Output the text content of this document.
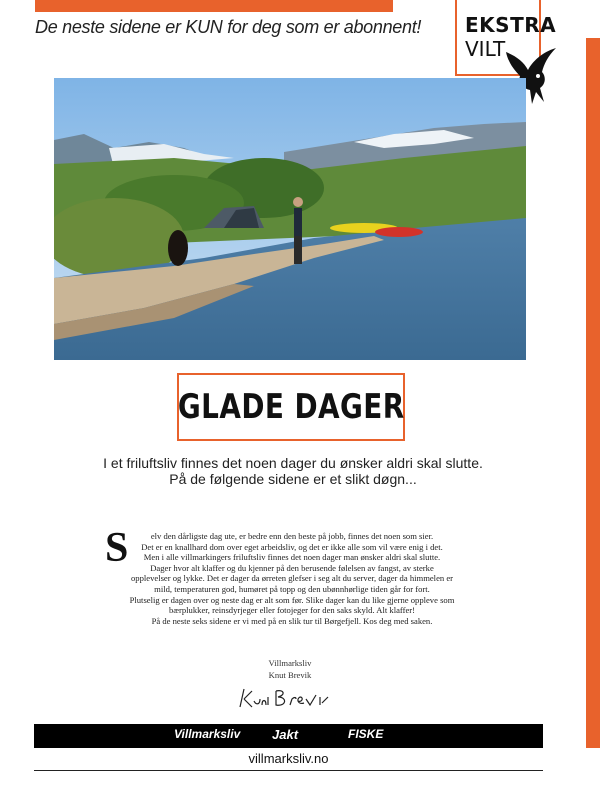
De neste sidene er KUN for deg som er abonnent! EKSTRA
VILT
GLADE DAGER
I et friluftsliv finnes det noen dager du ønsker aldri skal slutte.
På de følgende sidene er et slikt døgn...
S	elv den dårligste dag ute, er bedre enn den beste på jobb, finnes det noen som sier.
Det er en knallhard dom over eget arbeidsliv, og det er ikke alle som vil være enig i det.
Men i alle villmarkingers friluftsliv finnes det noen dager man ønsker aldri skal slutte.
Dager hvor alt klaffer og du kjenner på den berusende følelsen av fangst, av sterke
opplevelser og lykke. Det er dager da ørreten glefser i seg alt du server, dager da himmelen er
mild, temperaturen god, humøret på topp og den ubønnhørlige tiden går for fort.
Plutselig er dagen over og neste dag er alt som før. Slike dager kan du like gjerne oppleve som
bærplukker, reinsdyrjeger eller fotojeger for den saks skyld. Alt klaffer!
På de neste seks sidene er vi med på en slik tur til Børgefjell. Kos deg med saken.
Villmarksliv
Knut Brevik
Villmarksliv Jakt	FISKE
villmarksliv.no
